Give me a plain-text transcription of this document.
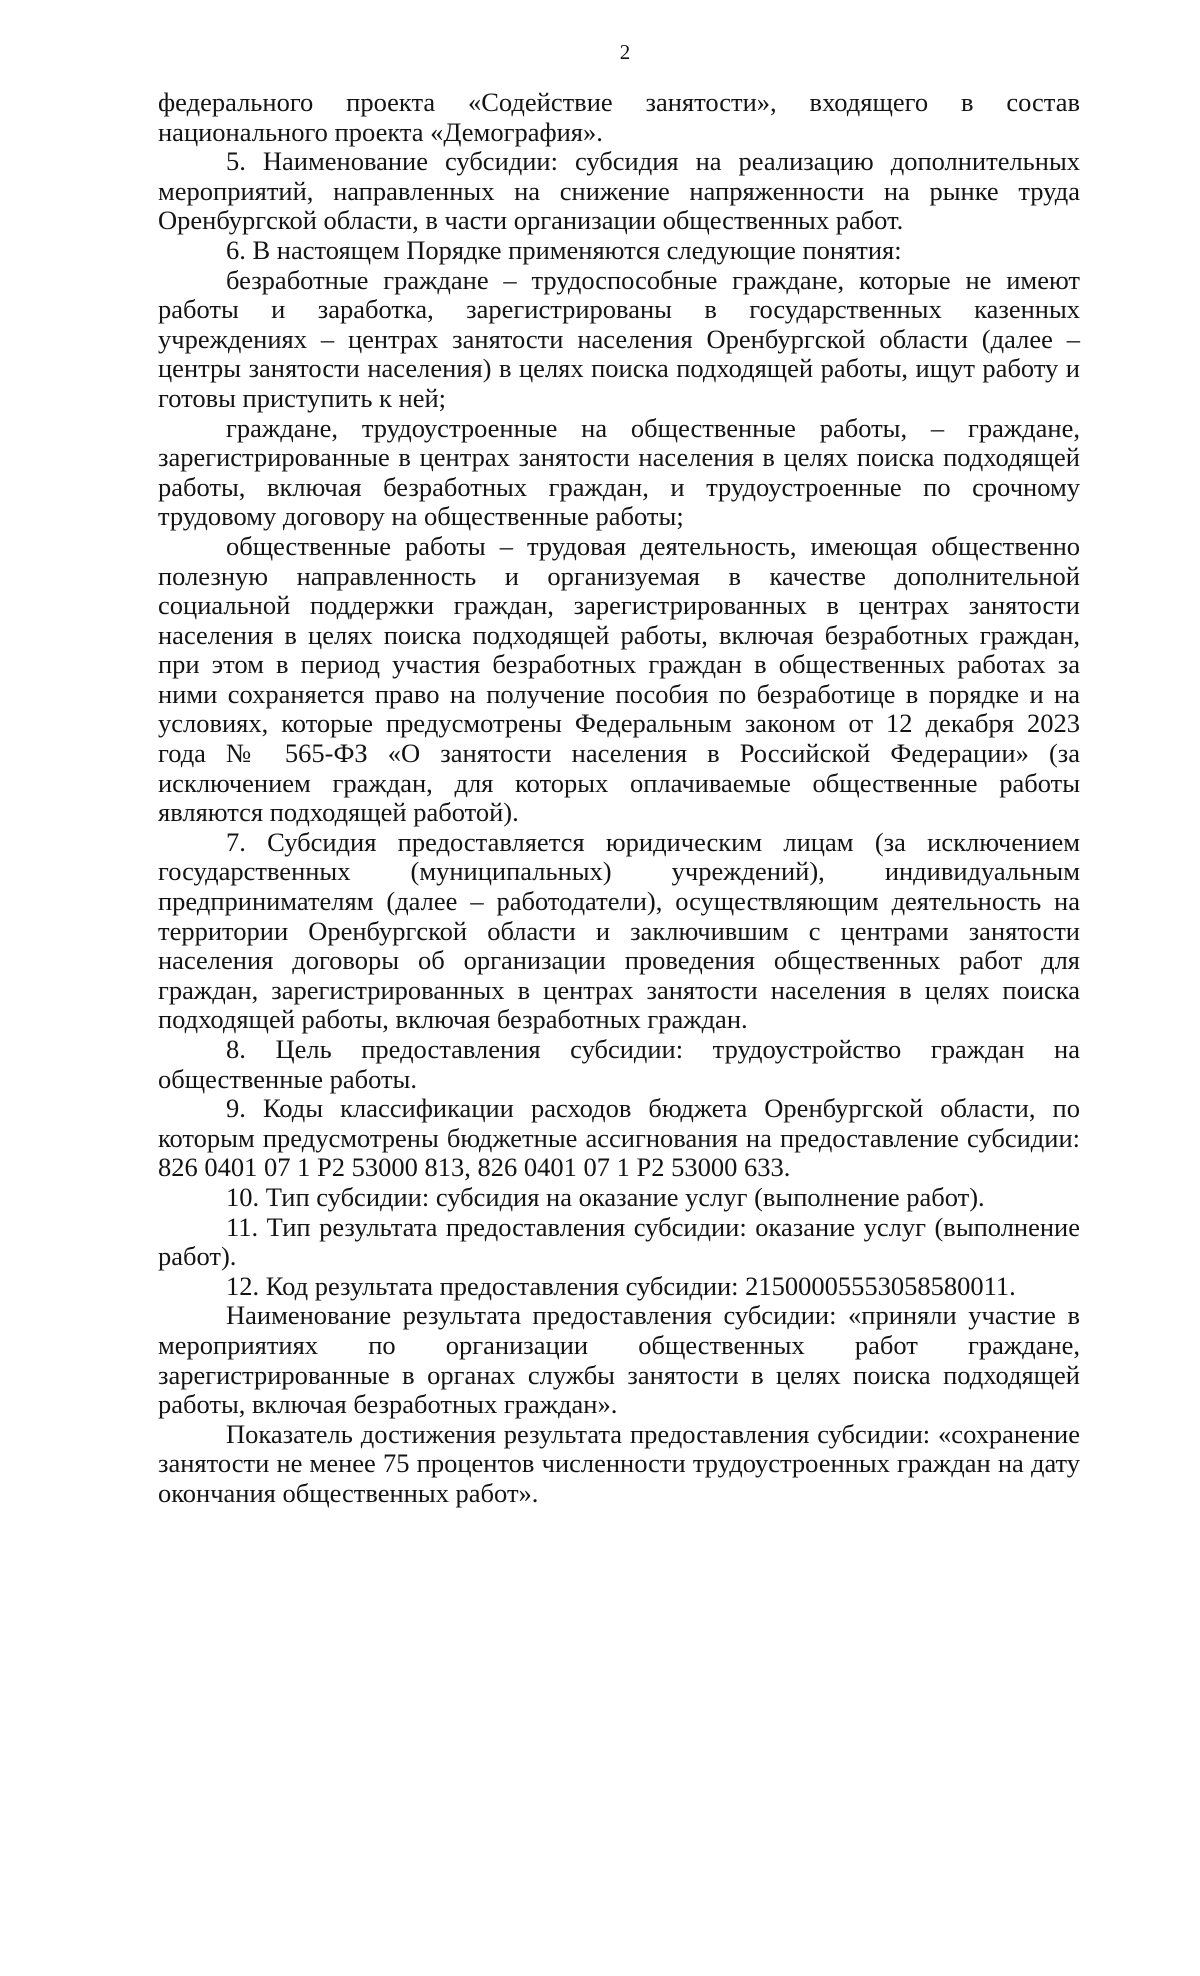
2

федерального проекта «Содействие занятости», входящего в состав национального проекта «Демография».

5. Наименование субсидии: субсидия на реализацию дополнительных мероприятий, направленных на снижение напряженности на рынке труда Оренбургской области, в части организации общественных работ.

6. В настоящем Порядке применяются следующие понятия:

безработные граждане – трудоспособные граждане, которые не имеют работы и заработка, зарегистрированы в государственных казенных учреждениях – центрах занятости населения Оренбургской области (далее – центры занятости населения) в целях поиска подходящей работы, ищут работу и готовы приступить к ней;

граждане, трудоустроенные на общественные работы, – граждане, зарегистрированные в центрах занятости населения в целях поиска подходящей работы, включая безработных граждан, и трудоустроенные по срочному трудовому договору на общественные работы;

общественные работы – трудовая деятельность, имеющая общественно полезную направленность и организуемая в качестве дополнительной социальной поддержки граждан, зарегистрированных в центрах занятости населения в целях поиска подходящей работы, включая безработных граждан, при этом в период участия безработных граждан в общественных работах за ними сохраняется право на получение пособия по безработице в порядке и на условиях, которые предусмотрены Федеральным законом от 12 декабря 2023 года № 565-ФЗ «О занятости населения в Российской Федерации» (за исключением граждан, для которых оплачиваемые общественные работы являются подходящей работой).

7. Субсидия предоставляется юридическим лицам (за исключением государственных (муниципальных) учреждений), индивидуальным предпринимателям (далее – работодатели), осуществляющим деятельность на территории Оренбургской области и заключившим с центрами занятости населения договоры об организации проведения общественных работ для граждан, зарегистрированных в центрах занятости населения в целях поиска подходящей работы, включая безработных граждан.

8. Цель предоставления субсидии: трудоустройство граждан на общественные работы.

9. Коды классификации расходов бюджета Оренбургской области, по которым предусмотрены бюджетные ассигнования на предоставление субсидии: 826 0401 07 1 Р2 53000 813, 826 0401 07 1 Р2 53000 633.

10. Тип субсидии: субсидия на оказание услуг (выполнение работ).

11. Тип результата предоставления субсидии: оказание услуг (выполнение работ).

12. Код результата предоставления субсидии: 21500005553058580011.

Наименование результата предоставления субсидии: «приняли участие в мероприятиях по организации общественных работ граждане, зарегистрированные в органах службы занятости в целях поиска подходящей работы, включая безработных граждан».

Показатель достижения результата предоставления субсидии: «сохранение занятости не менее 75 процентов численности трудоустроенных граждан на дату окончания общественных работ».
